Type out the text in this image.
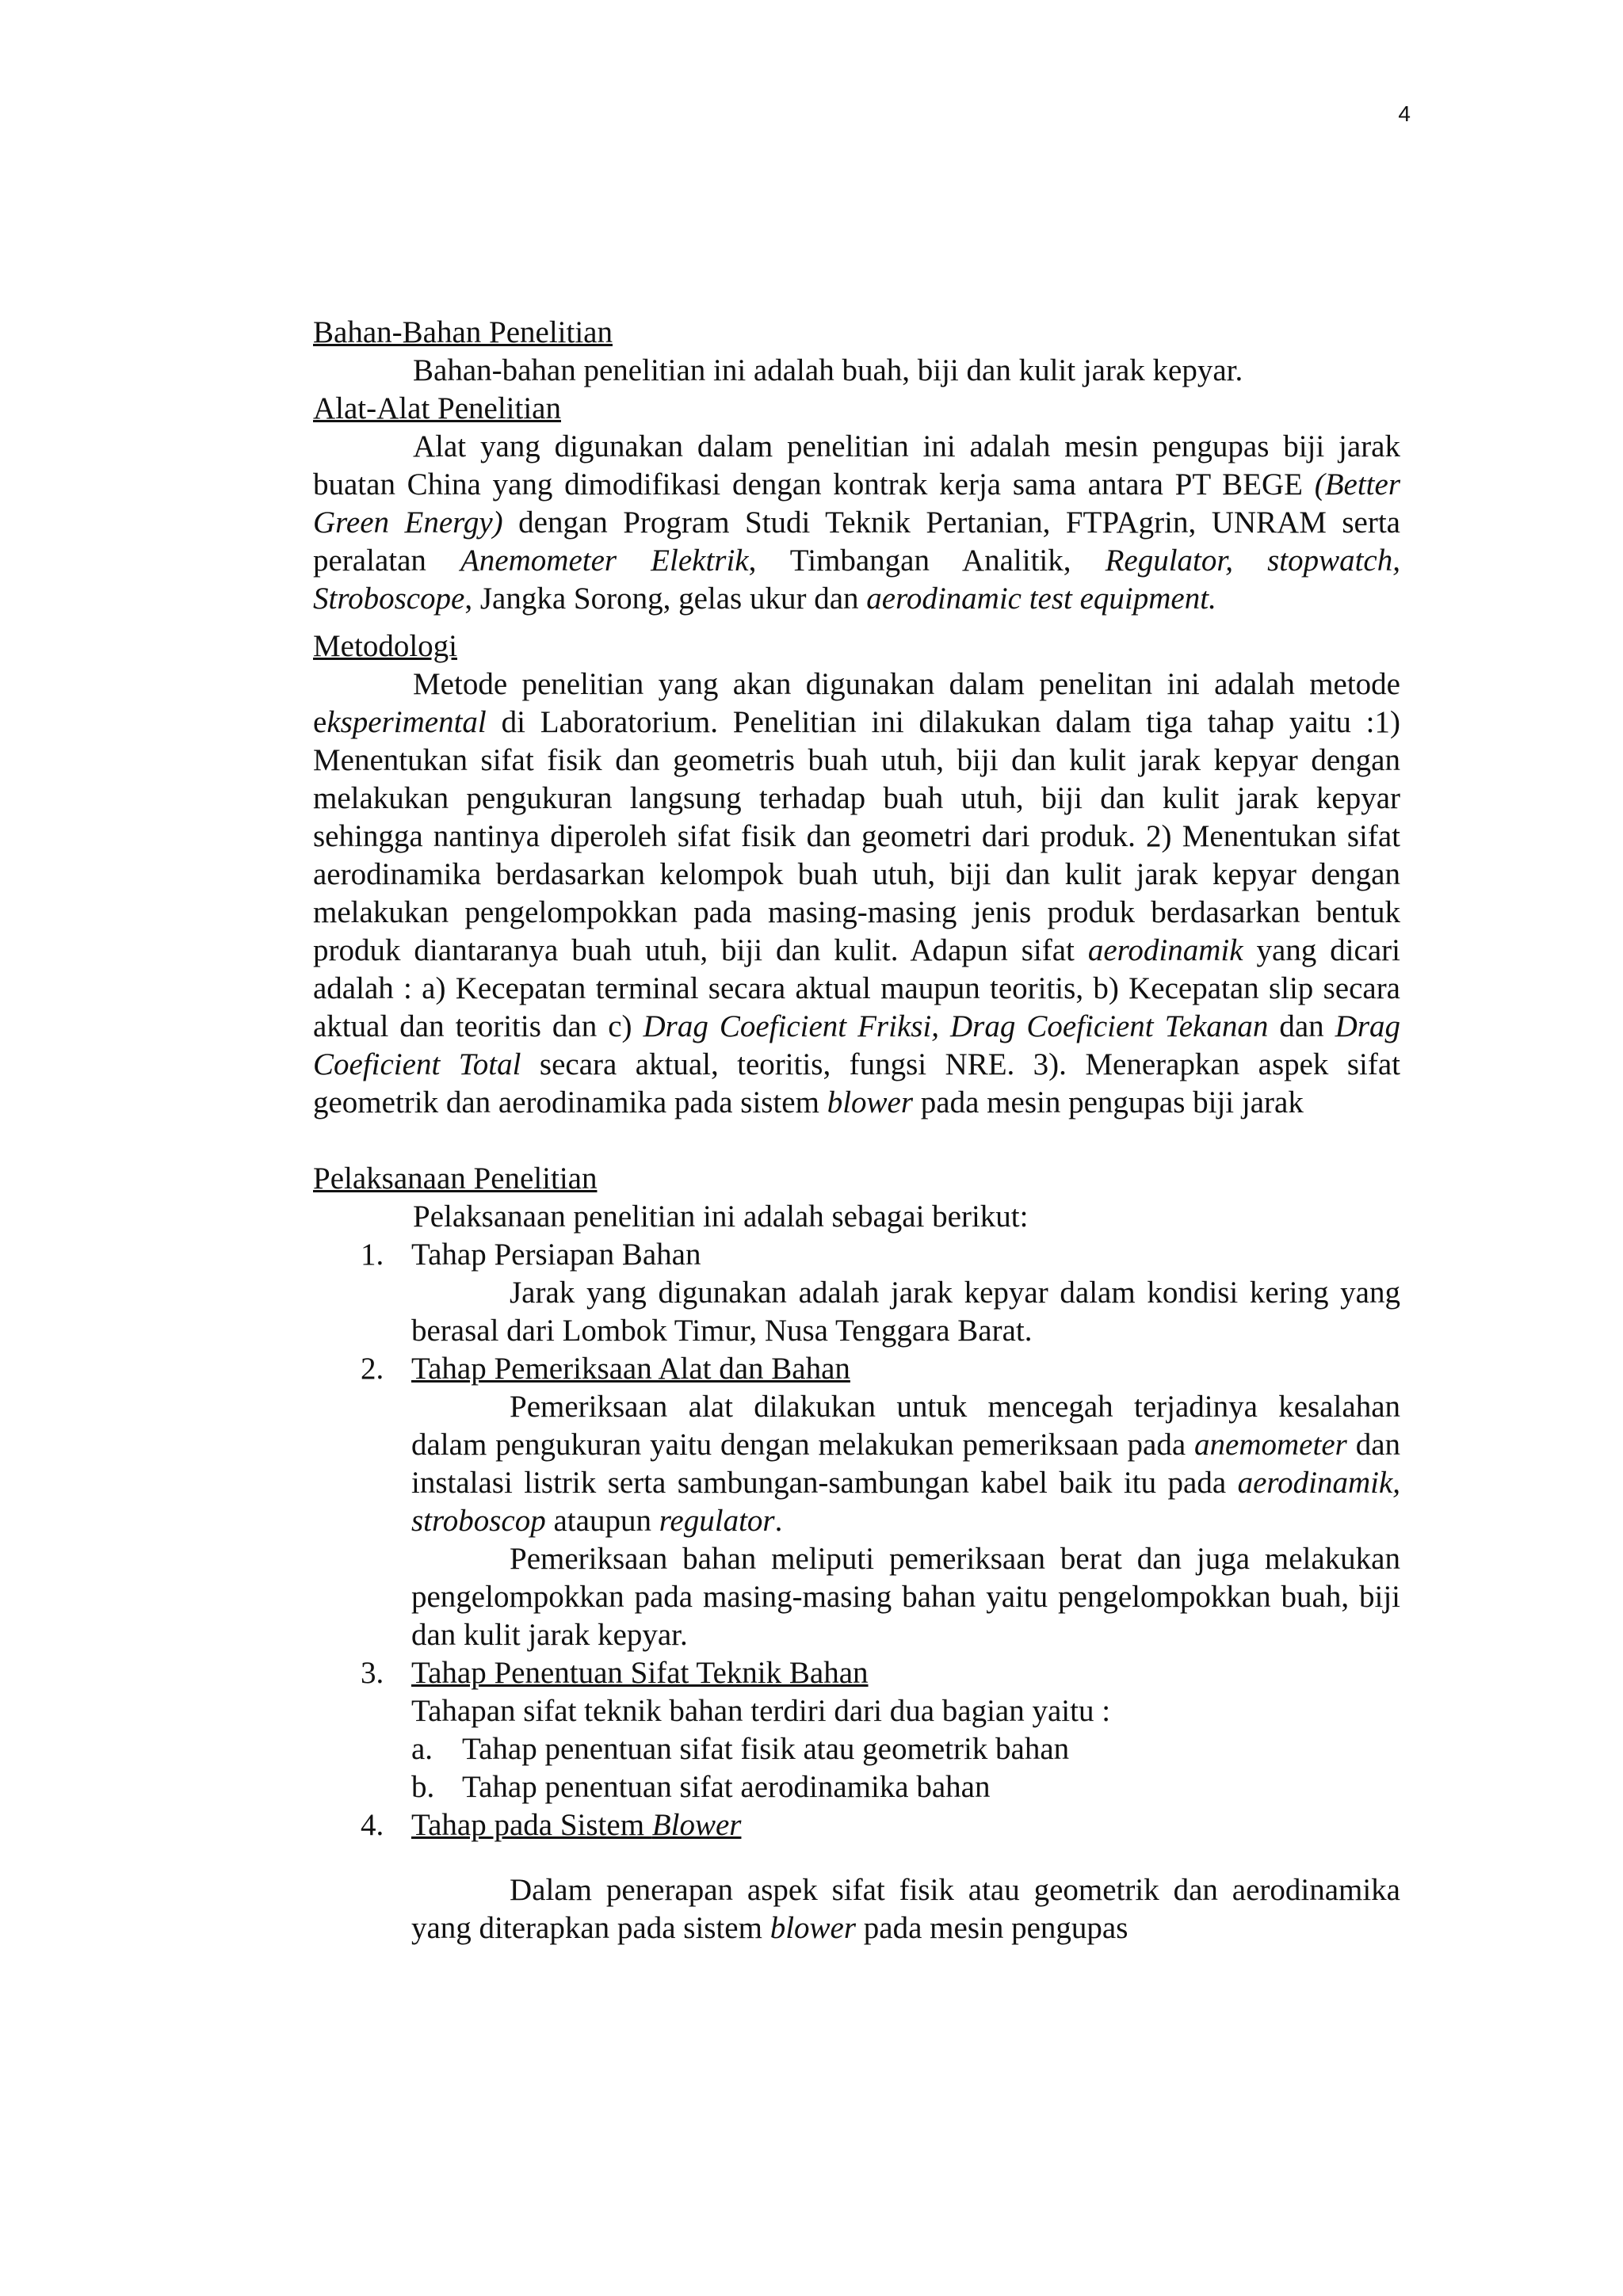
4
Bahan-Bahan Penelitian

Bahan-bahan penelitian ini adalah buah, biji dan kulit jarak kepyar.

Alat-Alat Penelitian

Alat yang digunakan dalam penelitian ini adalah mesin pengupas biji jarak buatan China yang dimodifikasi dengan kontrak kerja sama antara PT BEGE (Better Green Energy) dengan Program Studi Teknik Pertanian, FTPAgrin, UNRAM serta peralatan Anemometer Elektrik, Timbangan Analitik, Regulator, stopwatch, Stroboscope, Jangka Sorong, gelas ukur dan aerodinamic test equipment.

Metodologi

Metode penelitian yang akan digunakan dalam penelitan ini adalah metode eksperimental di Laboratorium. Penelitian ini dilakukan dalam tiga tahap yaitu :1) Menentukan sifat fisik dan geometris buah utuh, biji dan kulit jarak kepyar dengan melakukan pengukuran langsung terhadap buah utuh, biji dan kulit jarak kepyar sehingga nantinya diperoleh sifat fisik dan geometri dari produk. 2) Menentukan sifat aerodinamika berdasarkan kelompok buah utuh, biji dan kulit jarak kepyar dengan melakukan pengelompokkan pada masing-masing jenis produk berdasarkan bentuk produk diantaranya buah utuh, biji dan kulit. Adapun sifat aerodinamik yang dicari adalah : a) Kecepatan terminal secara aktual maupun teoritis, b) Kecepatan slip secara aktual dan teoritis dan c) Drag Coeficient Friksi, Drag Coeficient Tekanan dan Drag Coeficient Total secara aktual, teoritis, fungsi NRE. 3). Menerapkan aspek sifat geometrik dan aerodinamika pada sistem blower pada mesin pengupas biji jarak

Pelaksanaan Penelitian

Pelaksanaan penelitian ini adalah sebagai berikut:

1. Tahap Persiapan Bahan

Jarak yang digunakan adalah jarak kepyar dalam kondisi kering yang berasal dari Lombok Timur, Nusa Tenggara Barat.

2. Tahap Pemeriksaan Alat dan Bahan

Pemeriksaan alat dilakukan untuk mencegah terjadinya kesalahan dalam pengukuran yaitu dengan melakukan pemeriksaan pada anemometer dan instalasi listrik serta sambungan-sambungan kabel baik itu pada aerodinamik, stroboscop ataupun regulator.

Pemeriksaan bahan meliputi pemeriksaan berat dan juga melakukan pengelompokkan pada masing-masing bahan yaitu pengelompokkan buah, biji dan kulit jarak kepyar.

3. Tahap Penentuan Sifat Teknik Bahan
Tahapan sifat teknik bahan terdiri dari dua bagian yaitu :
a. Tahap penentuan sifat fisik atau geometrik bahan
b. Tahap penentuan sifat aerodinamika bahan
4. Tahap pada Sistem Blower

Dalam penerapan aspek sifat fisik atau geometrik dan aerodinamika yang diterapkan pada sistem blower pada mesin pengupas
